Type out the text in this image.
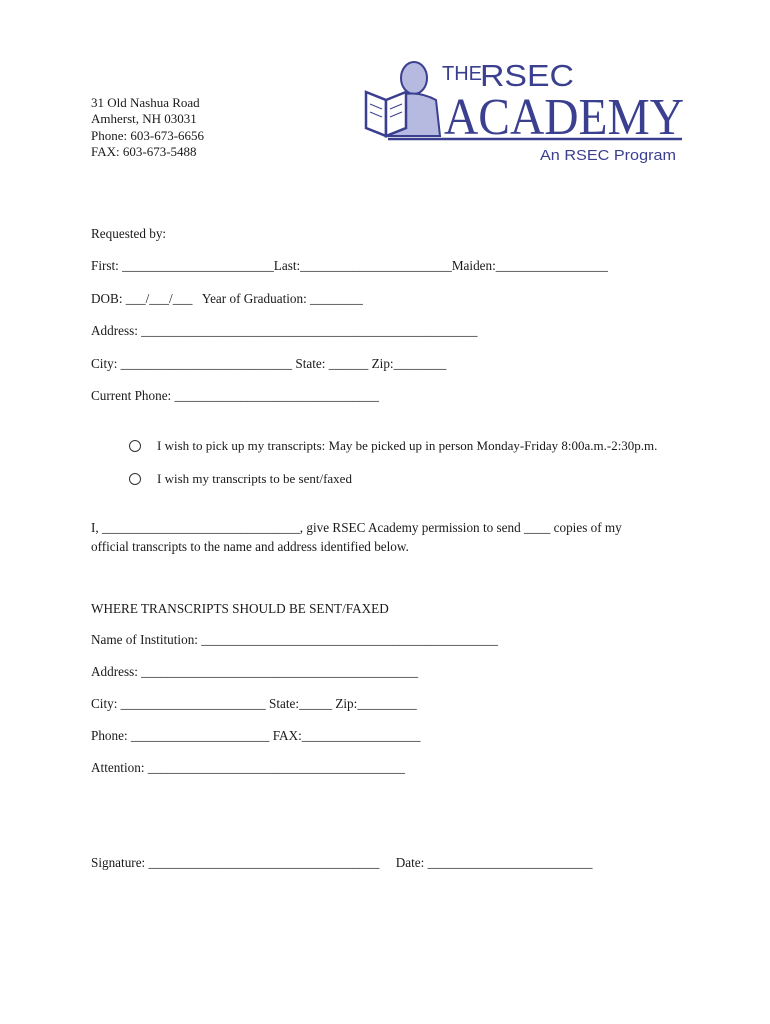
31 Old Nashua Road
Amherst, NH 03031
Phone: 603-673-6656
FAX: 603-673-5488
THE
RSEC
ACADEMY
An RSEC Program
Requested by:
First: _______________________Last:_______________________Maiden:_________________
DOB: ___/___/___   Year of Graduation: ________
Address: ___________________________________________________
City: __________________________ State: ______ Zip:________
Current Phone: _______________________________

I wish to pick up my transcripts: May be picked up in person Monday-Friday 8:00a.m.-2:30p.m.

I wish my transcripts to be sent/faxed

I, ______________________________, give RSEC Academy permission to send ____ copies of my
official transcripts to the name and address identified below.
WHERE TRANSCRIPTS SHOULD BE SENT/FAXED
Name of Institution: _____________________________________________
Address: __________________________________________
City: ______________________ State:_____ Zip:_________
Phone: _____________________ FAX:__________________
Attention: _______________________________________
Signature: ___________________________________     Date: _________________________
